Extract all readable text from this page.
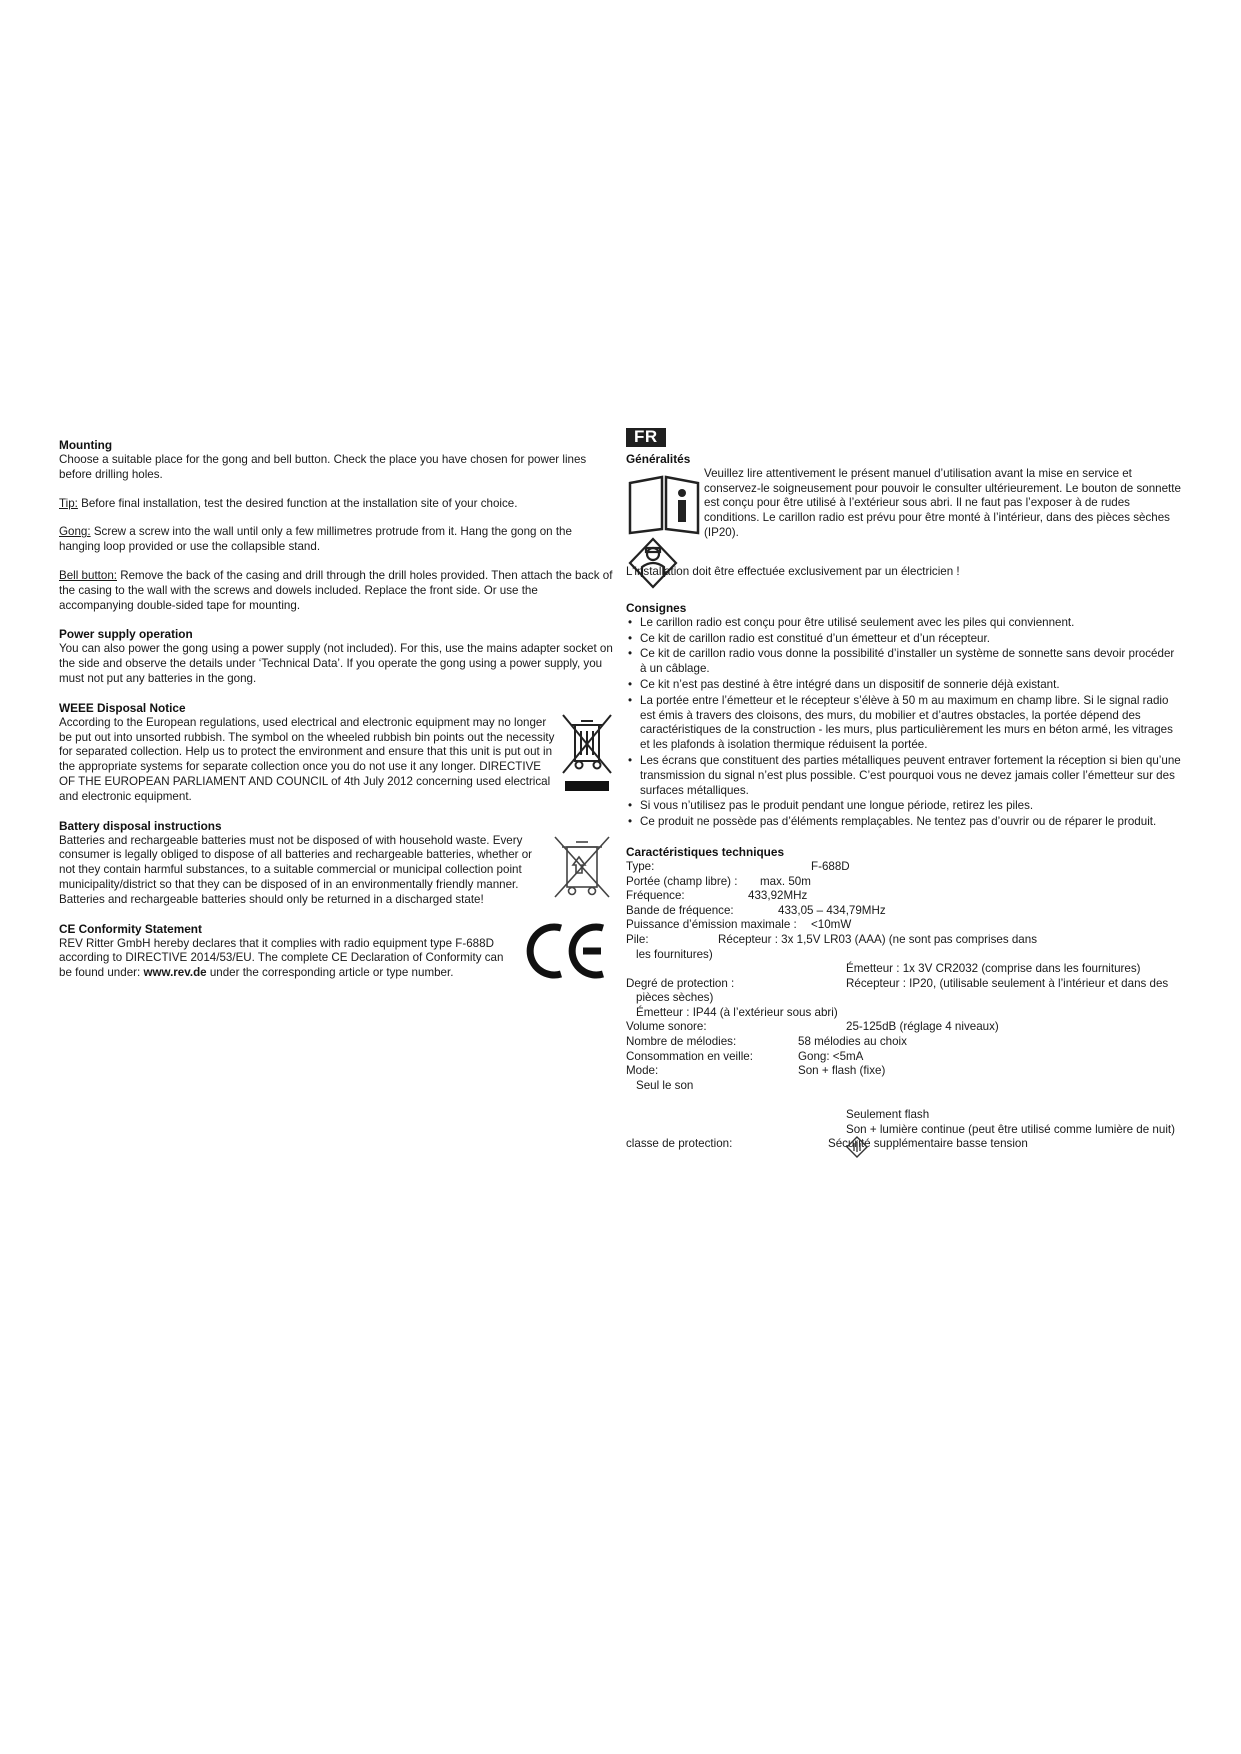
Mounting

Choose a suitable place for the gong and bell button. Check the place you have chosen for power lines before drilling holes.

Tip: Before final installation, test the desired function at the installation site of your choice.

Gong: Screw a screw into the wall until only a few millimetres protrude from it. Hang the gong on the hanging loop provided or use the collapsible stand.

Bell button: Remove the back of the casing and drill through the drill holes provided. Then attach the back of the casing to the wall with the screws and dowels included. Replace the front side. Or use the accompanying double-sided tape for mounting.

Power supply operation

You can also power the gong using a power supply (not included). For this, use the mains adapter socket on the side and observe the details under ‘Technical Data’. If you operate the gong using a power supply, you must not put any batteries in the gong.

WEEE Disposal Notice

According to the European regulations, used electrical and electronic equipment may no longer be put out into unsorted rubbish. The symbol on the wheeled rubbish bin points out the necessity for separated collection. Help us to protect the environment and ensure that this unit is put out in the appropriate systems for separate collection once you do not use it any longer. DIRECTIVE OF THE EUROPEAN PARLIAMENT AND COUNCIL of 4th July 2012 concerning used electrical and electronic equipment.

Battery disposal instructions

Batteries and rechargeable batteries must not be disposed of with household waste. Every consumer is legally obliged to dispose of all batteries and rechargeable batteries, whether or not they contain harmful substances, to a suitable commercial or municipal collection point municipality/district so that they can be disposed of in an environmentally friendly manner. Batteries and rechargeable batteries should only be returned in a discharged state!

CE Conformity Statement

REV Ritter GmbH hereby declares that it complies with radio equipment type F-688D according to DIRECTIVE 2014/53/EU. The complete CE Declaration of Conformity can be found under: www.rev.de under the corresponding article or type number.

FR
Généralités

Veuillez lire attentivement le présent manuel d’utilisation avant la mise en service et conservez-le soigneusement pour pouvoir le consulter ultérieurement. Le bouton de sonnette est conçu pour être utilisé à l’extérieur sous abri. Il ne faut pas l’exposer à de rudes conditions. Le carillon radio est prévu pour être monté à l’intérieur, dans des pièces sèches (IP20).

L’installation doit être effectuée exclusivement par un électricien !

Consignes
• Le carillon radio est conçu pour être utilisé seulement avec les piles qui conviennent.
• Ce kit de carillon radio est constitué d’un émetteur et d’un récepteur.
• Ce kit de carillon radio vous donne la possibilité d’installer un système de sonnette sans devoir procéder à un câblage.
• Ce kit n’est pas destiné à être intégré dans un dispositif de sonnerie déjà existant.
• La portée entre l’émetteur et le récepteur s’élève à 50 m au maximum en champ libre. Si le signal radio est émis à travers des cloisons, des murs, du mobilier et d’autres obstacles, la portée dépend des caractéristiques de la construction - les murs, plus particulièrement les murs en béton armé, les vitrages et les plafonds à isolation thermique réduisent la portée.
• Les écrans que constituent des parties métalliques peuvent entraver fortement la réception si bien qu’une transmission du signal n’est plus possible. C’est pourquoi vous ne devez jamais coller l’émetteur sur des surfaces métalliques.
• Si vous n’utilisez pas le produit pendant une longue période, retirez les piles.
• Ce produit ne possède pas d’éléments remplaçables. Ne tentez pas d’ouvrir ou de réparer le produit.
Caractéristiques techniques
Type:	F-688D
Portée (champ libre) : max. 50m
Fréquence:	433,92MHz
Bande de fréquence:	433,05 – 434,79MHz
Puissance d’émission maximale : <10mW
Pile:	Récepteur : 3x 1,5V LR03 (AAA) (ne sont pas comprises dans
les fournitures)
Émetteur : 1x 3V CR2032 (comprise dans les fournitures)
Degré de protection :	Récepteur : IP20, (utilisable seulement à l’intérieur et dans des
pièces sèches)
Émetteur : IP44 (à l’extérieur sous abri)
Volume sonore:	25-125dB (réglage 4 niveaux)
Nombre de mélodies:	58 mélodies au choix
Consommation en veille:	Gong: <5mA
Mode:	Son + flash (fixe)
Seul le son
Seulement flash
Son + lumière continue (peut être utilisé comme lumière de nuit)
classe de protection:	Sécurité supplémentaire basse tension
